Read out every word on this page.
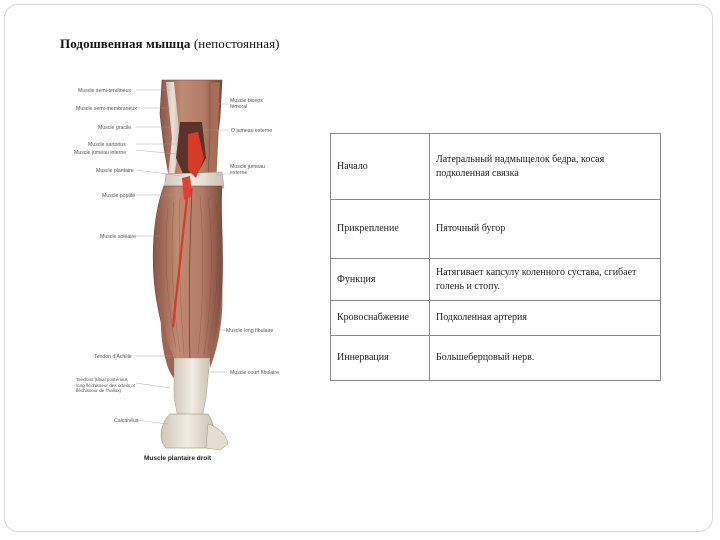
Подошвенная мышца (непостоянная)
Muscle semi-tendineux
Muscle semi-membraneux
Muscle gracile
Muscle sartorius
Muscle jumeau interne
Muscle plantaire
Muscle poplité
Muscle soléaire
Tendon d'Achille
Tendons (tibial postérieur, long fléchisseur des orteils et fléchisseur de l'hallux)
Calcanéus
Muscle biceps fémoral
O jumeau externe
Muscle jumeau externe
Muscle long fibulaire
Muscle court fibulaire
Muscle plantaire droit
Начало	Латеральный надмыщелок бедра, косая подколенная связка
Прикрепление	Пяточный бугор
Функция	Натягивает капсулу коленного сустава, сгибает голень и стопу.
Кровоснабжение	Подколенная артерия
Иннервация	Большеберцовый нерв.
